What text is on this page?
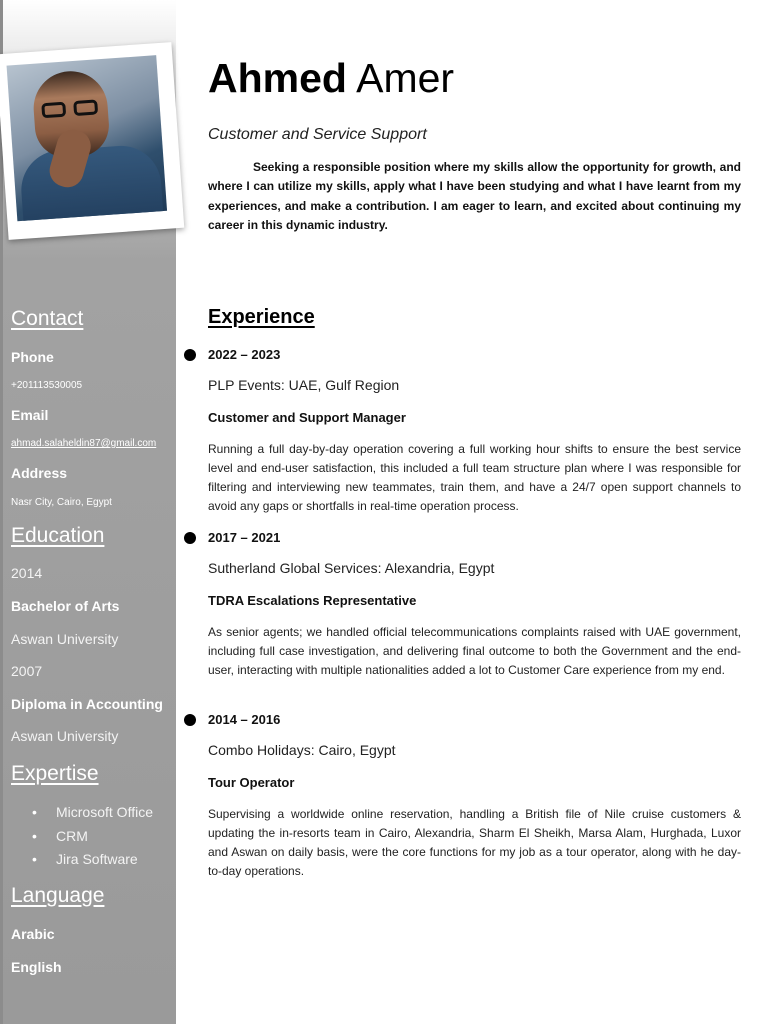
Contact
Phone
+201113530005
Email
ahmad.salaheldin87@gmail.com
Address
Nasr City, Cairo, Egypt
Education
2014
Bachelor of Arts
Aswan University
2007
Diploma in Accounting
Aswan University
Expertise
• Microsoft Office
• CRM
• Jira Software
Language
Arabic
English
Ahmed Amer
Customer and Service Support
Seeking a responsible position where my skills allow the opportunity for growth, and where I can utilize my skills, apply what I have been studying and what I have learnt from my experiences, and make a contribution. I am eager to learn, and excited about continuing my career in this dynamic industry.
Experience
2022 – 2023
PLP Events: UAE, Gulf Region
Customer and Support Manager
Running a full day-by-day operation covering a full working hour shifts to ensure the best service level and end-user satisfaction, this included a full team structure plan where I was responsible for filtering and interviewing new teammates, train them, and have a 24/7 open support channels to avoid any gaps or shortfalls in real-time operation process.
2017 – 2021
Sutherland Global Services: Alexandria, Egypt
TDRA Escalations Representative
As senior agents; we handled official telecommunications complaints raised with UAE government, including full case investigation, and delivering final outcome to both the Government and the end-user, interacting with multiple nationalities added a lot to Customer Care experience from my end.
2014 – 2016
Combo Holidays: Cairo, Egypt
Tour Operator
Supervising a worldwide online reservation, handling a British file of Nile cruise customers & updating the in-resorts team in Cairo, Alexandria, Sharm El Sheikh, Marsa Alam, Hurghada, Luxor and Aswan on daily basis, were the core functions for my job as a tour operator, along with he day-to-day operations.
